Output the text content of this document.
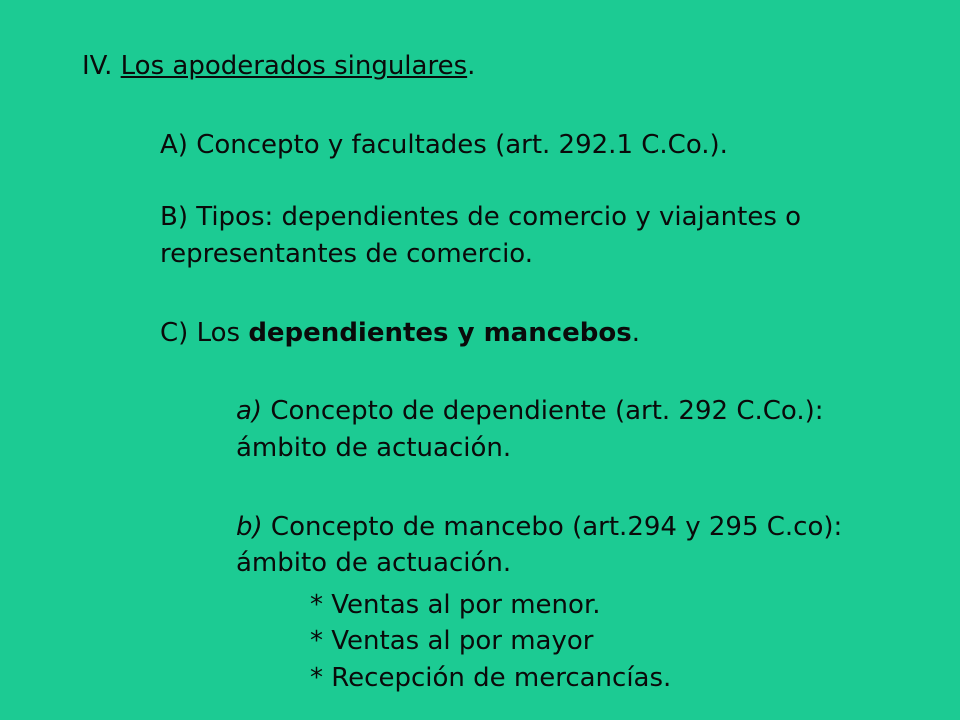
IV. Los apoderados singulares.
A) Concepto y facultades (art. 292.1 C.Co.).
B) Tipos: dependientes de comercio y viajantes o
representantes de comercio.
C) Los dependientes y mancebos.
a) Concepto de dependiente (art. 292 C.Co.):
ámbito de actuación.
b) Concepto de mancebo (art.294 y 295 C.co):
ámbito de actuación.
* Ventas al por menor.
* Ventas al por mayor
* Recepción de mercancías.
